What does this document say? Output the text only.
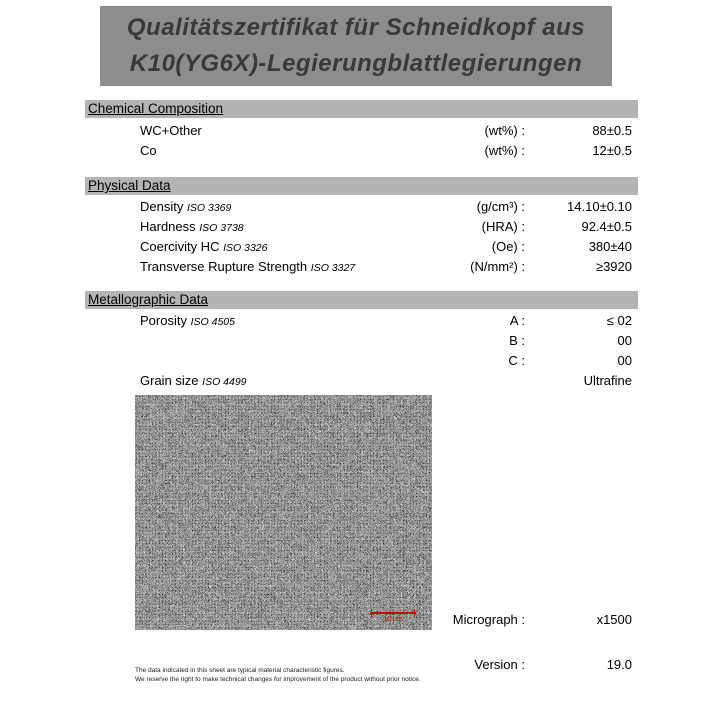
Qualitätszertifikat für Schneidkopf aus
K10(YG6X)-Legierungblattlegierungen
Chemical Composition
WC+Other	(wt%) :	88±0.5
Co	(wt%) :	12±0.5
Physical Data
Density ISO 3369	(g/cm³) :	14.10±0.10
Hardness ISO 3738	(HRA) :	92.4±0.5
Coercivity HC ISO 3326	(Oe) :	380±40
Transverse Rupture Strength ISO 3327	(N/mm²) :	≥3920
Metallographic Data
Porosity ISO 4505	A :	≤ 02
B :	00
C :	00
Grain size ISO 4499	Ultrafine
10 μm	Micrograph :	x1500
Version :	19.0
The data indicated in this sheet are typical material characteristic figures.
We reserve the right to make technical changes for improvement of the product without prior notice.
